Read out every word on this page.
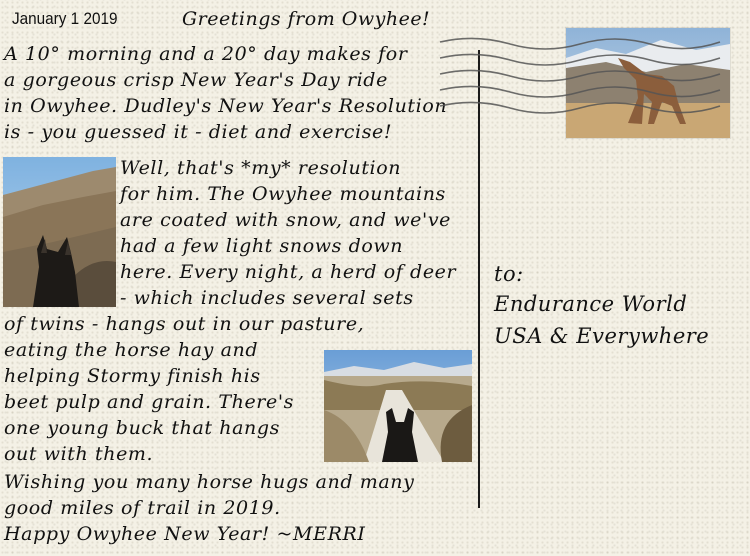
January 1 2019	Greetings from Owyhee!
A 10° morning and a 20° day makes for
a gorgeous crisp New Year's Day ride
in Owyhee. Dudley's New Year's Resolution
is - you guessed it - diet and exercise!
Well, that's *my* resolution
for him. The Owyhee mountains
are coated with snow, and we've
had a few light snows down
here. Every night, a herd of deer
- which includes several sets
of twins - hangs out in our pasture,
eating the horse hay and
helping Stormy finish his
beet pulp and grain. There's
one young buck that hangs
out with them.
Wishing you many horse hugs and many
good miles of trail in 2019.
Happy Owyhee New Year! ~MERRI
to:
Endurance World
USA & Everywhere
